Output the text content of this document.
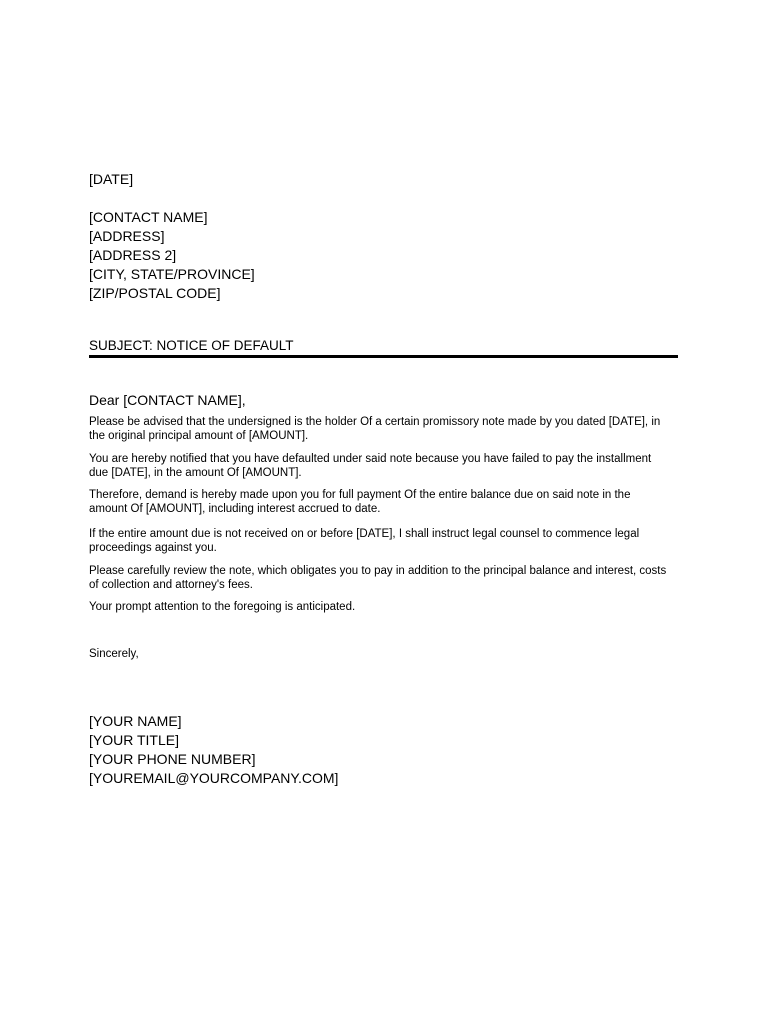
[DATE]
[CONTACT NAME]
[ADDRESS]
[ADDRESS 2]
[CITY, STATE/PROVINCE]
[ZIP/POSTAL CODE]
SUBJECT: NOTICE OF DEFAULT
Dear [CONTACT NAME],
Please be advised that the undersigned is the holder Of a certain promissory note made by you dated [DATE], in the original principal amount of [AMOUNT].
You are hereby notified that you have defaulted under said note because you have failed to pay the installment due [DATE], in the amount Of [AMOUNT].
Therefore, demand is hereby made upon you for full payment Of the entire balance due on said note in the amount Of [AMOUNT], including interest accrued to date.
If the entire amount due is not received on or before [DATE], I shall instruct legal counsel to commence legal proceedings against you.
Please carefully review the note, which obligates you to pay in addition to the principal balance and interest, costs of collection and attorney's fees.
Your prompt attention to the foregoing is anticipated.
Sincerely,
[YOUR NAME]
[YOUR TITLE]
[YOUR PHONE NUMBER]
[YOUREMAIL@YOURCOMPANY.COM]
